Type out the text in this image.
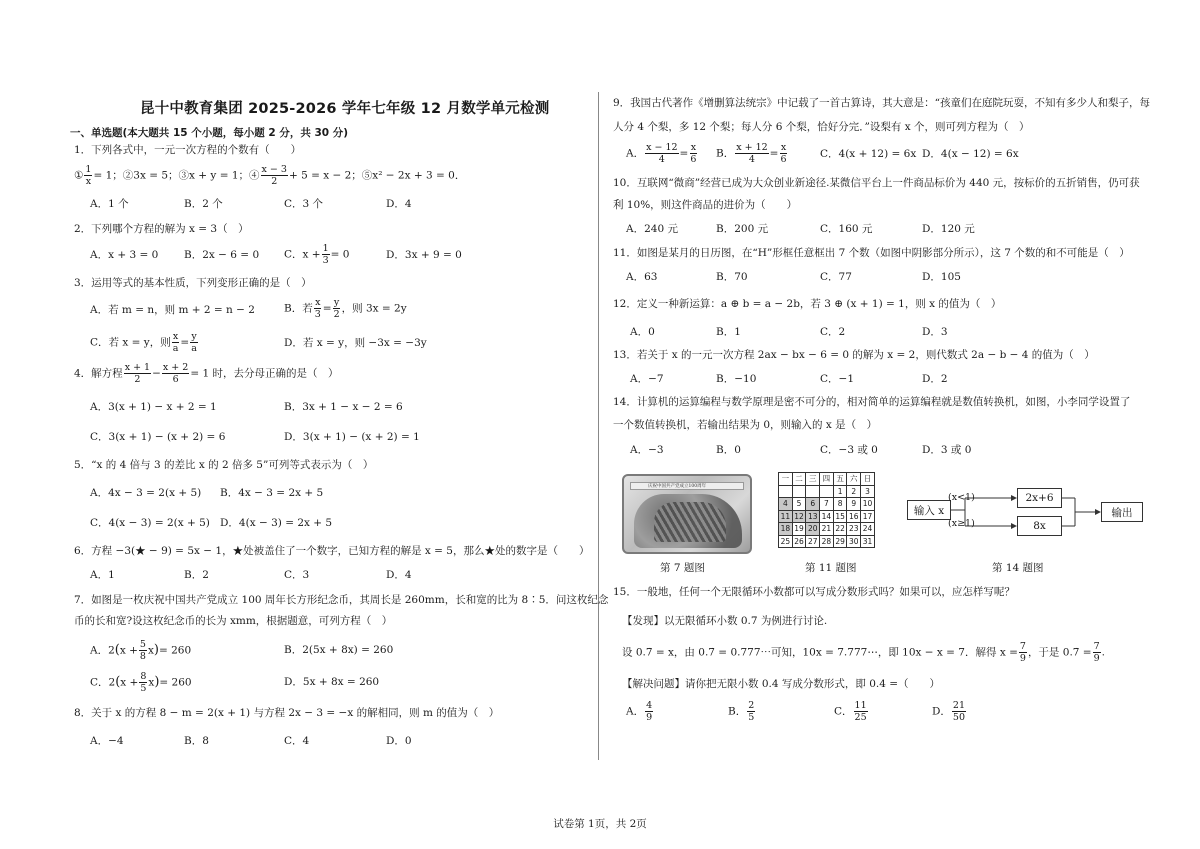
昆十中教育集团 2025-2026 学年七年级 12 月数学单元检测
一、单选题(本大题共 15 个小题，每小题 2 分，共 30 分)
1．下列各式中，一元一次方程的个数有（　　）
① $\frac{1}{x} = 1$；②3x = 5；③x + y = 1；④ $\frac{x - 3}{2} + 5 = x - 2$；⑤x² − 2x + 3 = 0．
A．1 个	B．2 个	C．3 个	D．4
2．下列哪个方程的解为 x = 3（　）
A．x + 3 = 0 B．2x − 6 = 0 C．$x + \frac{1}{3} = 0$	D．3x + 9 = 0
3．运用等式的基本性质，下列变形正确的是（　）
A．若 m = n，则 m + 2 = n − 2	B．若 $\frac{x}{3} = \frac{y}{2}$ ，则 3x = 2y
C．若 x = y，则 $\frac{x}{a} = \frac{y}{a}$	D．若 x = y，则 −3x = −3y
4．解方程 $\frac{x + 1}{2} - \frac{x + 2}{6} = 1$ 时，去分母正确的是（　）
A．3(x + 1) − x + 2 = 1	B．3x + 1 − x − 2 = 6
C．3(x + 1) − (x + 2) = 6	D．3(x + 1) − (x + 2) = 1
5．“x 的 4 倍与 3 的差比 x 的 2 倍多 5”可列等式表示为（　）
A．4x − 3 = 2(x + 5) B．4x − 3 = 2x + 5
C．4(x − 3) = 2(x + 5) D．4(x − 3) = 2x + 5
6．方程 −3(★ − 9) = 5x − 1，★处被盖住了一个数字，已知方程的解是 x = 5，那么★处的数字是（　　）
A．1	B．2	C．3	D．4
7．如图是一枚庆祝中国共产党成立 100 周年长方形纪念币，其周长是 260mm，长和宽的比为 8∶5．问这枚纪念
币的长和宽?设这枚纪念币的长为 xmm，根据题意，可列方程（　）
A．$2(x + \frac{5}{8} x)= 260$	B．2(5x + 8x) = 260
C．$2(x + \frac{8}{5} x)= 260$	D．5x + 8x = 260
8．关于 x 的方程 8 − m = 2(x + 1) 与方程 2x − 3 = −x 的解相同，则 m 的值为（　）
A．−4	B．8	C．4	D．0
9．我国古代著作《增删算法统宗》中记载了一首古算诗，其大意是：“孩童们在庭院玩耍，不知有多少人和梨子，每
人分 4 个梨，多 12 个梨；每人分 6 个梨，恰好分完．”设梨有 x 个，则可列方程为（　）
A． $\frac{x - 12}{4} = \frac{x}{6}$ B． $\frac{x + 12}{4} = \frac{x}{6}$	C．4(x + 12) = 6x D．4(x − 12) = 6x
10．互联网“微商”经营已成为大众创业新途径.某微信平台上一件商品标价为 440 元，按标价的五折销售，仍可获
利 10%，则这件商品的进价为（　　）
A．240 元	B．200 元	C．160 元	D．120 元
11．如图是某月的日历图，在“H”形框任意框出 7 个数（如图中阴影部分所示），这 7 个数的和不可能是（　）
A．63	B．70	C．77	D．105
12．定义一种新运算：a ⊕ b = a − 2b，若 3 ⊕ (x + 1) = 1，则 x 的值为（　）
A．0	B．1	C．2	D．3
13．若关于 x 的一元一次方程 2ax − bx − 6 = 0 的解为 x = 2，则代数式 2a − b − 4 的值为（　）
A．−7	B．−10	C．−1	D．2
14．计算机的运算编程与数学原理是密不可分的，相对简单的运算编程就是数值转换机，如图，小李同学设置了
一个数值转换机，若输出结果为 0，则输入的 x 是（　）
A．−3	B．0	C．−3 或 0	D．3 或 0
庆祝中国共产党成立100周年
第 7 题图
一	二	三	四	五	六	日
				1	2	3
4	5	6	7	8	9	10
11	12	13	14	15	16	17
18	19	20	21	22	23	24
25	26	27	28	29	30	31
第 11 题图
输入 x
(x<1)
(x≥1)
2x+6
8x
输出
第 14 题图
15．一般地，任何一个无限循环小数都可以写成分数形式吗？如果可以，应怎样写呢？
【发现】以无限循环小数 0.7̇ 为例进行讨论.
设 0.7̇ = x，由 0.7̇ = 0.777⋯可知，10x = 7.777⋯，即 10x − x = 7．解得 $x = \frac{7}{9}$ ，于是 0.7̇ = $\frac{7}{9}$ .
【解决问题】请你把无限小数 0.4̇ 写成分数形式，即 0.4̇ =（　　）
A． $\frac{4}{9}$	B． $\frac{2}{5}$	C． $\frac{11}{25}$	D． $\frac{21}{50}$
试卷第 1页，共 2页
